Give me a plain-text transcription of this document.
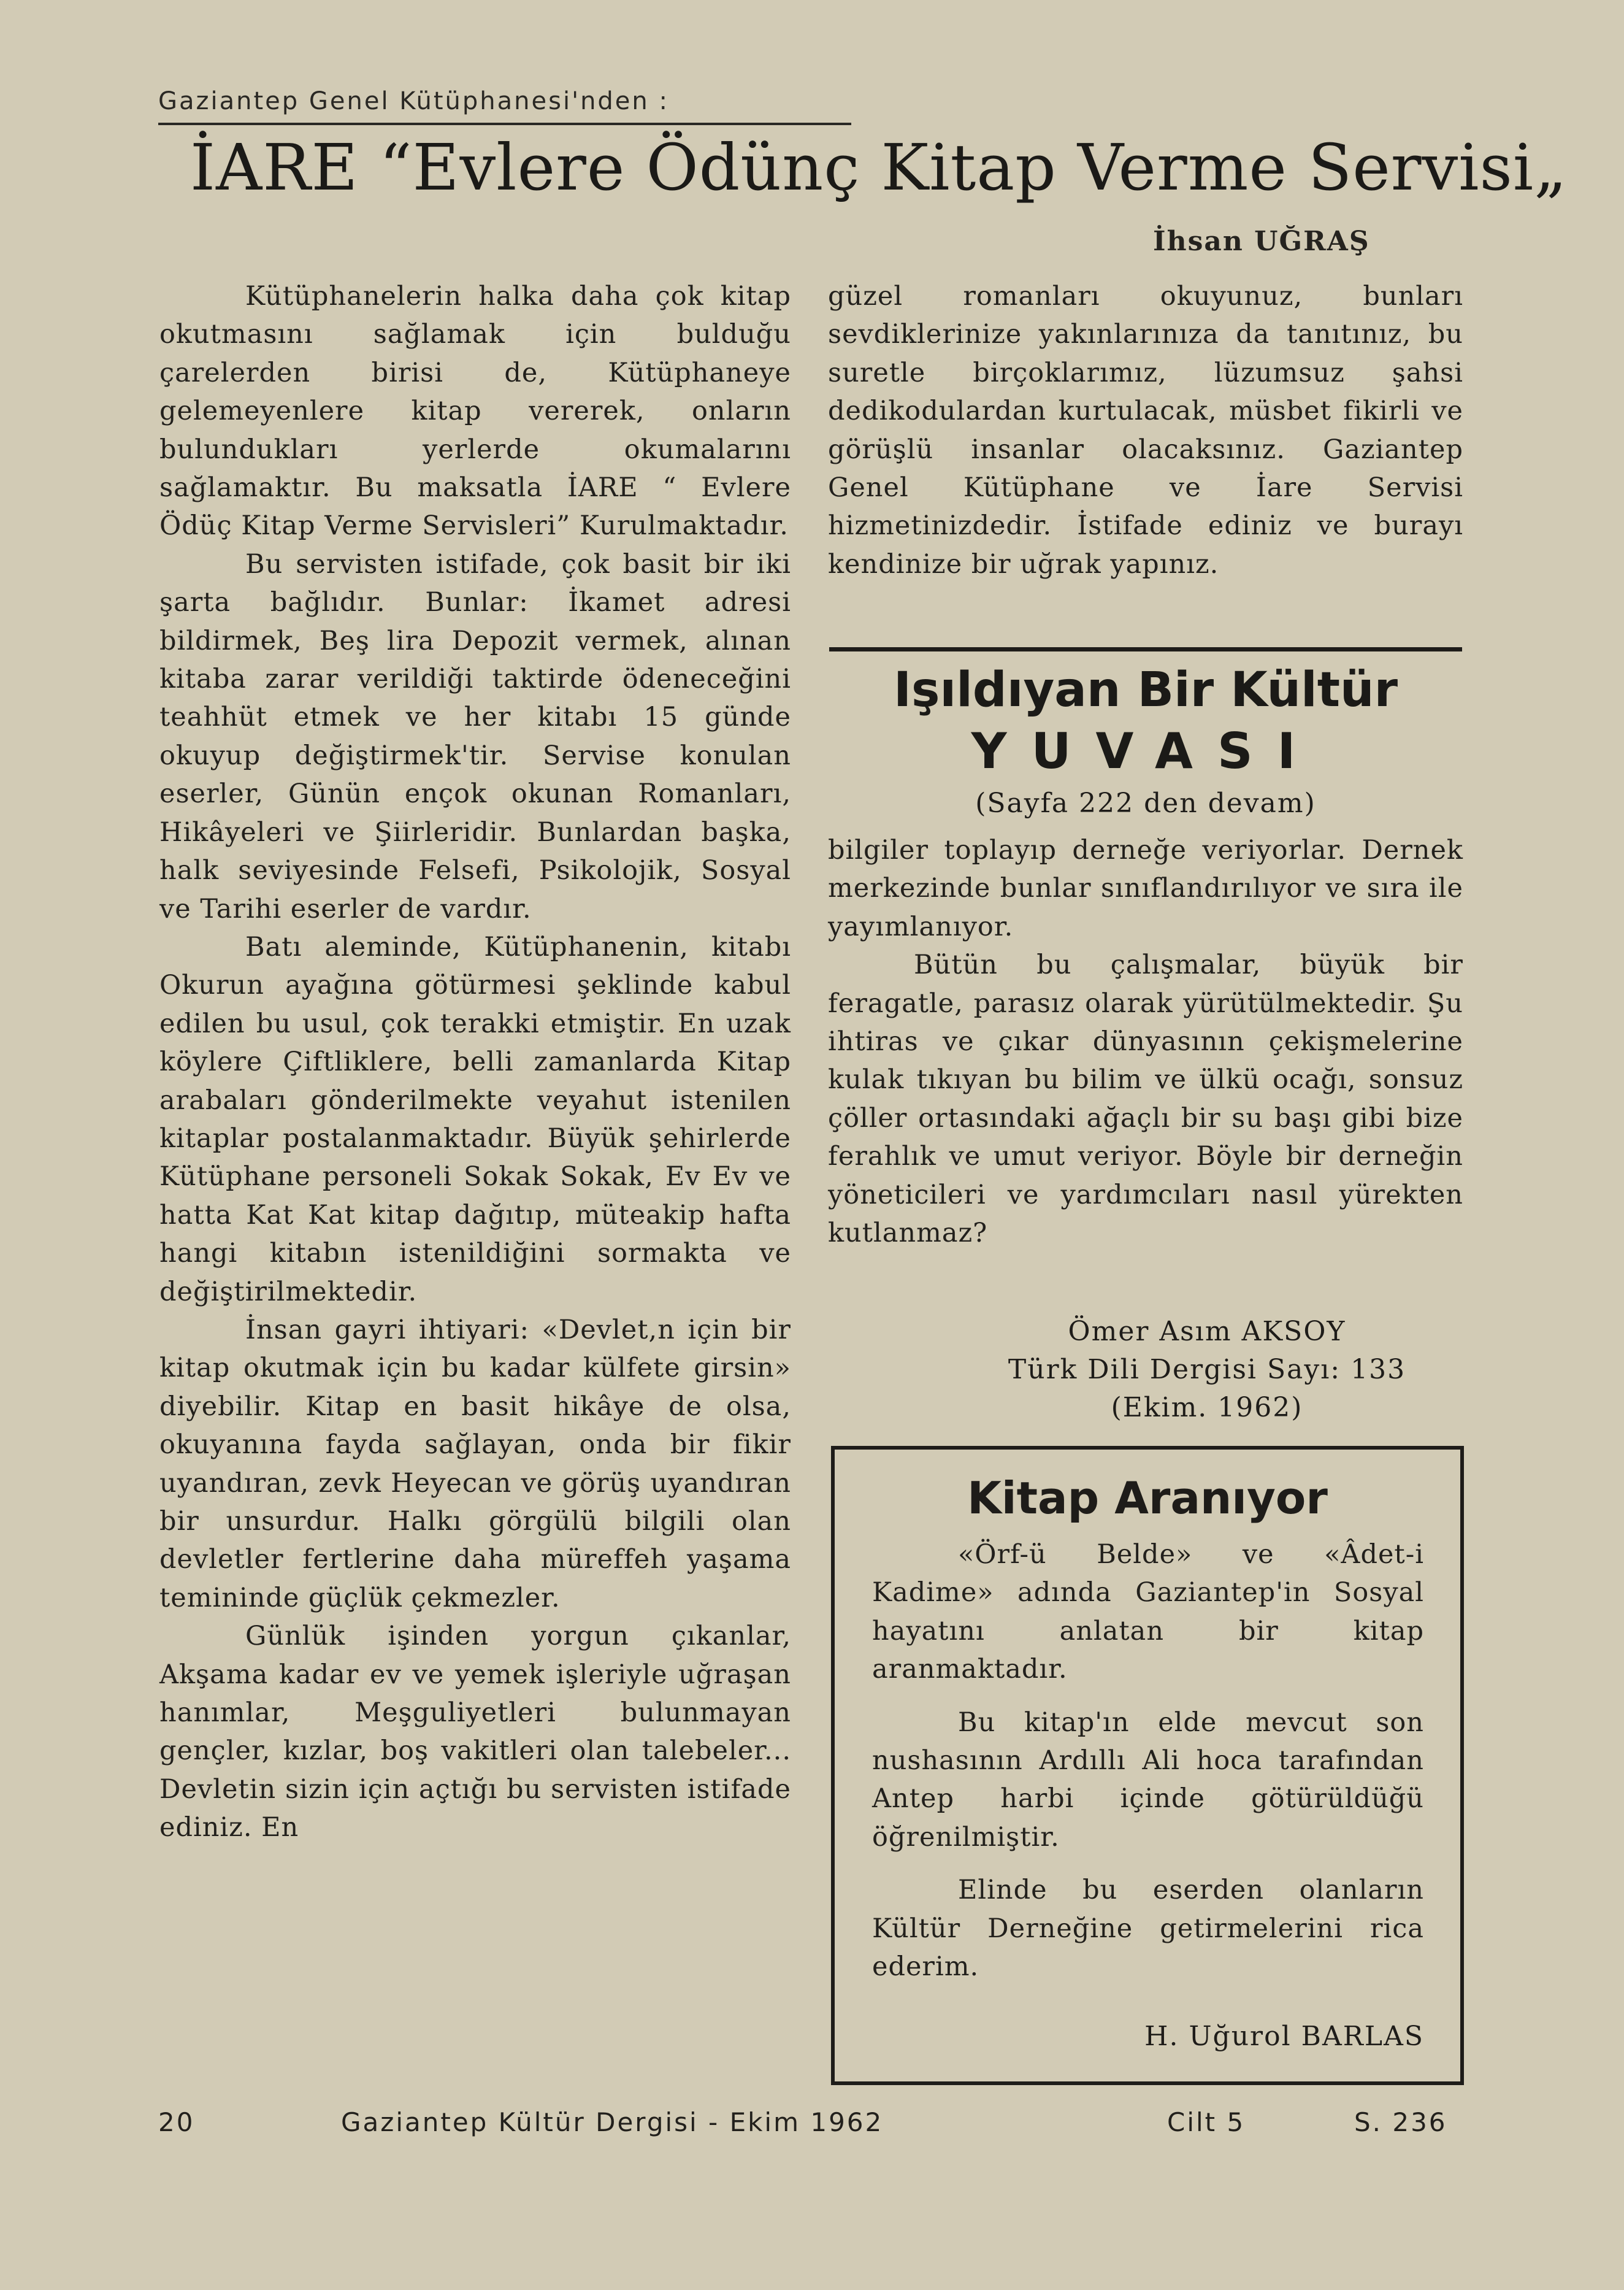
Gaziantep Genel Kütüphanesi'nden :

İARE “Evlere Ödünç Kitap Verme Servisi„

İhsan UĞRAŞ

Kütüphanelerin halka daha çok kitap okutmasını sağlamak için bulduğu çarelerden birisi de, Kütüphaneye gelemeyenlere kitap vererek, onların bulundukları yerlerde okumalarını sağlamaktır. Bu maksatla İARE “ Evlere Ödüç Kitap Verme Servisleri” Kurulmaktadır.

Bu servisten istifade, çok basit bir iki şarta bağlıdır. Bunlar: İkamet adresi bildirmek, Beş lira Depozit vermek, alınan kitaba zarar verildiği taktirde ödeneceğini teahhüt etmek ve her kitabı 15 günde okuyup değiştirmek'tir. Servise konulan eserler, Günün ençok okunan Romanları, Hikâyeleri ve Şiirleridir. Bunlardan başka, halk seviyesinde Felsefi, Psikolojik, Sosyal ve Tarihi eserler de vardır.

Batı aleminde, Kütüphanenin, kitabı Okurun ayağına götürmesi şeklinde kabul edilen bu usul, çok terakki etmiştir. En uzak köylere Çiftliklere, belli zamanlarda Kitap arabaları gönderilmekte veyahut istenilen kitaplar postalanmaktadır. Büyük şehirlerde Kütüphane personeli Sokak Sokak, Ev Ev ve hatta Kat Kat kitap dağıtıp, müteakip hafta hangi kitabın istenildiğini sormakta ve değiştirilmektedir.

İnsan gayri ihtiyari: «Devlet,n için bir kitap okutmak için bu kadar külfete girsin» diyebilir. Kitap en basit hikâye de olsa, okuyanına fayda sağlayan, onda bir fikir uyandıran, zevk Heyecan ve görüş uyandıran bir unsurdur. Halkı görgülü bilgili olan devletler fertlerine daha müreffeh yaşama temininde güçlük çekmezler.

Günlük işinden yorgun çıkanlar, Akşama kadar ev ve yemek işleriyle uğraşan hanımlar, Meşguliyetleri bulunmayan gençler, kızlar, boş vakitleri olan talebeler... Devletin sizin için açtığı bu servisten istifade ediniz. En

güzel romanları okuyunuz, bunları sevdiklerinize yakınlarınıza da tanıtınız, bu suretle birçoklarımız, lüzumsuz şahsi dedikodulardan kurtulacak, müsbet fikirli ve görüşlü insanlar olacaksınız. Gaziantep Genel Kütüphane ve İare Servisi hizmetinizdedir. İstifade ediniz ve burayı kendinize bir uğrak yapınız.

Işıldıyan Bir Kültür
YUVASI

(Sayfa 222 den devam)

bilgiler toplayıp derneğe veriyorlar. Dernek merkezinde bunlar sınıflandırılıyor ve sıra ile yayımlanıyor.

Bütün bu çalışmalar, büyük bir feragatle, parasız olarak yürütülmektedir. Şu ihtiras ve çıkar dünyasının çekişmelerine kulak tıkıyan bu bilim ve ülkü ocağı, sonsuz çöller ortasındaki ağaçlı bir su başı gibi bize ferahlık ve umut veriyor. Böyle bir derneğin yöneticileri ve yardımcıları nasıl yürekten kutlanmaz?

Ömer Asım AKSOY

Türk Dili Dergisi Sayı: 133

(Ekim. 1962)

Kitap Aranıyor

«Örf-ü Belde» ve «Âdet-i Kadime» adında Gaziantep'in Sosyal hayatını anlatan bir kitap aranmaktadır.

Bu kitap'ın elde mevcut son nushasının Ardıllı Ali hoca tarafından Antep harbi içinde götürüldüğü öğrenilmiştir.

Elinde bu eserden olanların Kültür Derneğine getirmelerini rica ederim.

H. Uğurol BARLAS

20	Gaziantep Kültür Dergisi - Ekim 1962	Cilt 5	S. 236
